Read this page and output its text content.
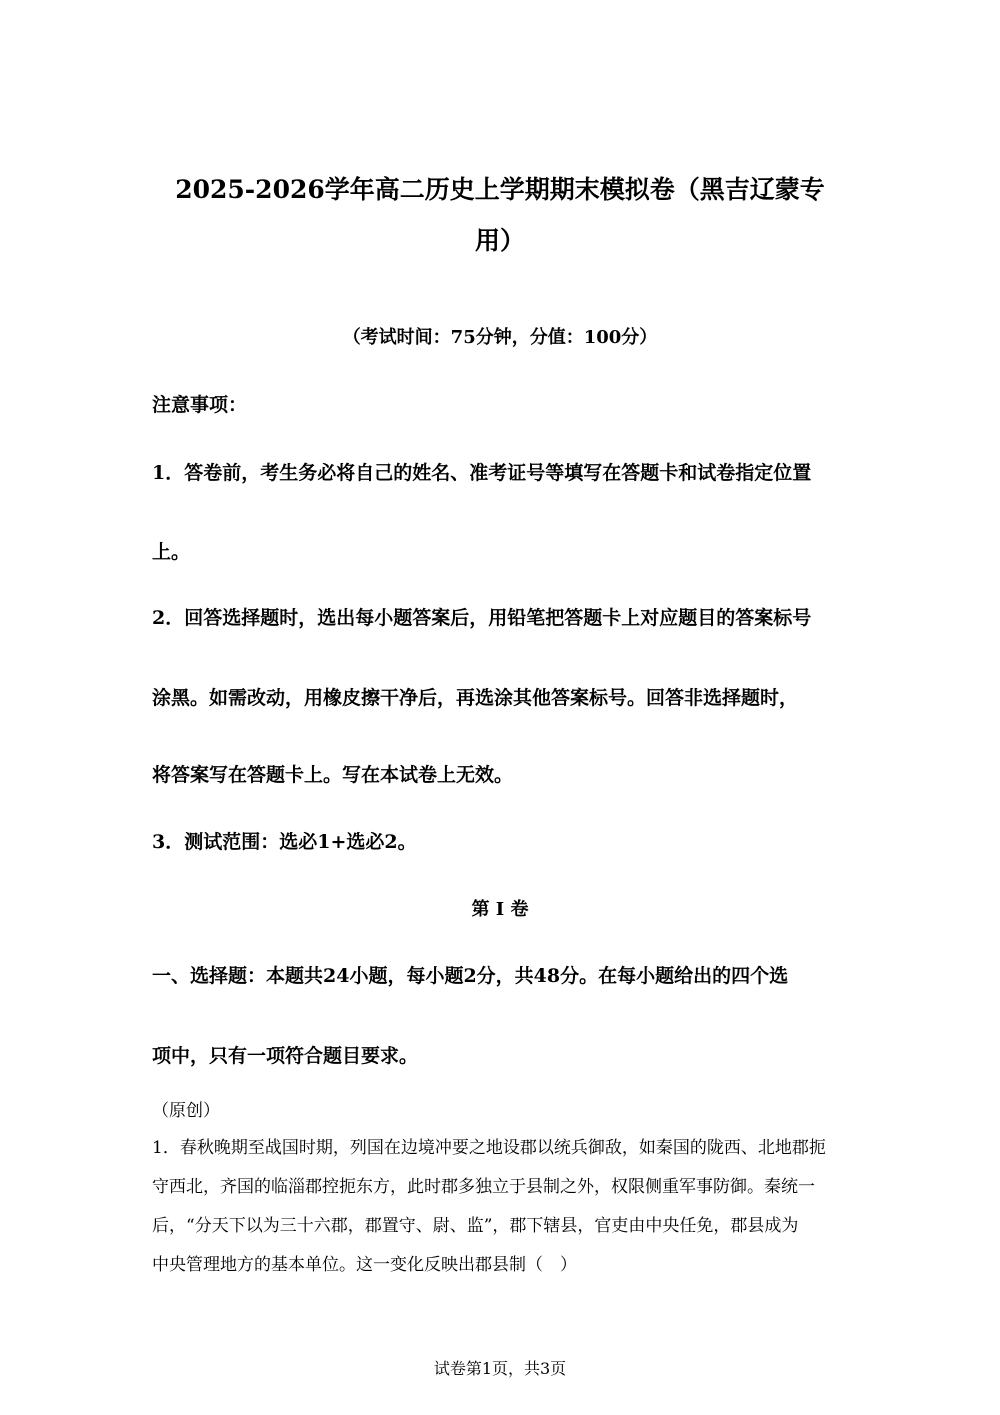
2025-2026学年高二历史上学期期末模拟卷（黑吉辽蒙专
用）
（考试时间：75分钟，分值：100分）
注意事项：
1．答卷前，考生务必将自己的姓名、准考证号等填写在答题卡和试卷指定位置
上。
2．回答选择题时，选出每小题答案后，用铅笔把答题卡上对应题目的答案标号
涂黑。如需改动，用橡皮擦干净后，再选涂其他答案标号。回答非选择题时，
将答案写在答题卡上。写在本试卷上无效。
3．测试范围：选必1+选必2。
第 I 卷
一、选择题：本题共24小题，每小题2分，共48分。在每小题给出的四个选
项中，只有一项符合题目要求。
（原创）
1．春秋晚期至战国时期，列国在边境冲要之地设郡以统兵御敌，如秦国的陇西、北地郡扼
守西北，齐国的临淄郡控扼东方，此时郡多独立于县制之外，权限侧重军事防御。秦统一
后，“分天下以为三十六郡，郡置守、尉、监”，郡下辖县，官吏由中央任免，郡县成为
中央管理地方的基本单位。这一变化反映出郡县制（　）
试卷第1页，共3页
